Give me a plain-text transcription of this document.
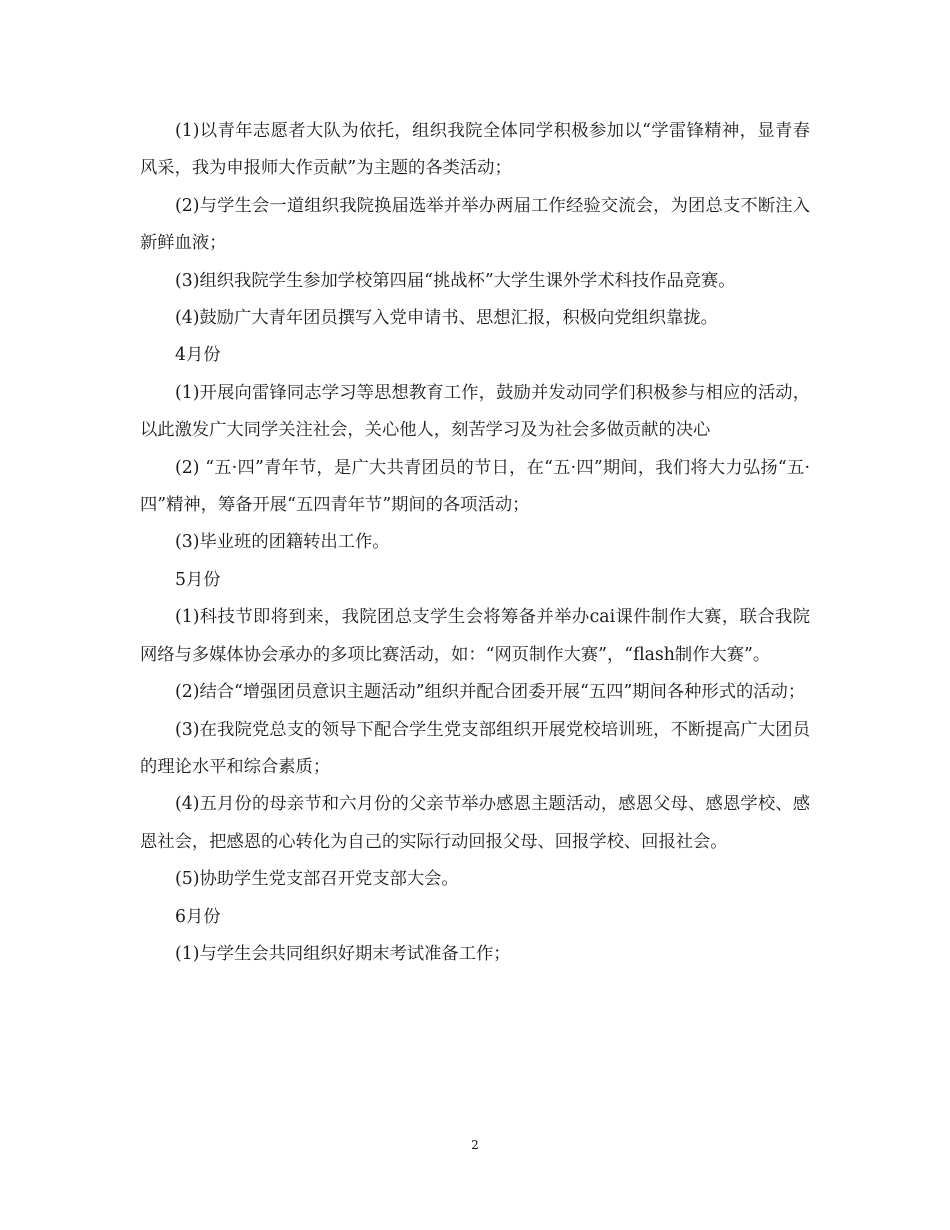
(1)以青年志愿者大队为依托，组织我院全体同学积极参加以“学雷锋精神，显青春风采，我为申报师大作贡献”为主题的各类活动；

(2)与学生会一道组织我院换届选举并举办两届工作经验交流会，为团总支不断注入新鲜血液；

(3)组织我院学生参加学校第四届“挑战杯”大学生课外学术科技作品竞赛。

(4)鼓励广大青年团员撰写入党申请书、思想汇报，积极向党组织靠拢。

4月份

(1)开展向雷锋同志学习等思想教育工作，鼓励并发动同学们积极参与相应的活动，以此激发广大同学关注社会，关心他人，刻苦学习及为社会多做贡献的决心

(2) “五·四”青年节，是广大共青团员的节日，在“五·四”期间，我们将大力弘扬“五·四”精神，筹备开展“五四青年节”期间的各项活动；

(3)毕业班的团籍转出工作。

5月份

(1)科技节即将到来，我院团总支学生会将筹备并举办cai课件制作大赛，联合我院网络与多媒体协会承办的多项比赛活动，如：“网页制作大赛”，“flash制作大赛”。

(2)结合“增强团员意识主题活动”组织并配合团委开展“五四”期间各种形式的活动；

(3)在我院党总支的领导下配合学生党支部组织开展党校培训班，不断提高广大团员的理论水平和综合素质；

(4)五月份的母亲节和六月份的父亲节举办感恩主题活动，感恩父母、感恩学校、感恩社会，把感恩的心转化为自己的实际行动回报父母、回报学校、回报社会。

(5)协助学生党支部召开党支部大会。

6月份

(1)与学生会共同组织好期末考试准备工作；

2
